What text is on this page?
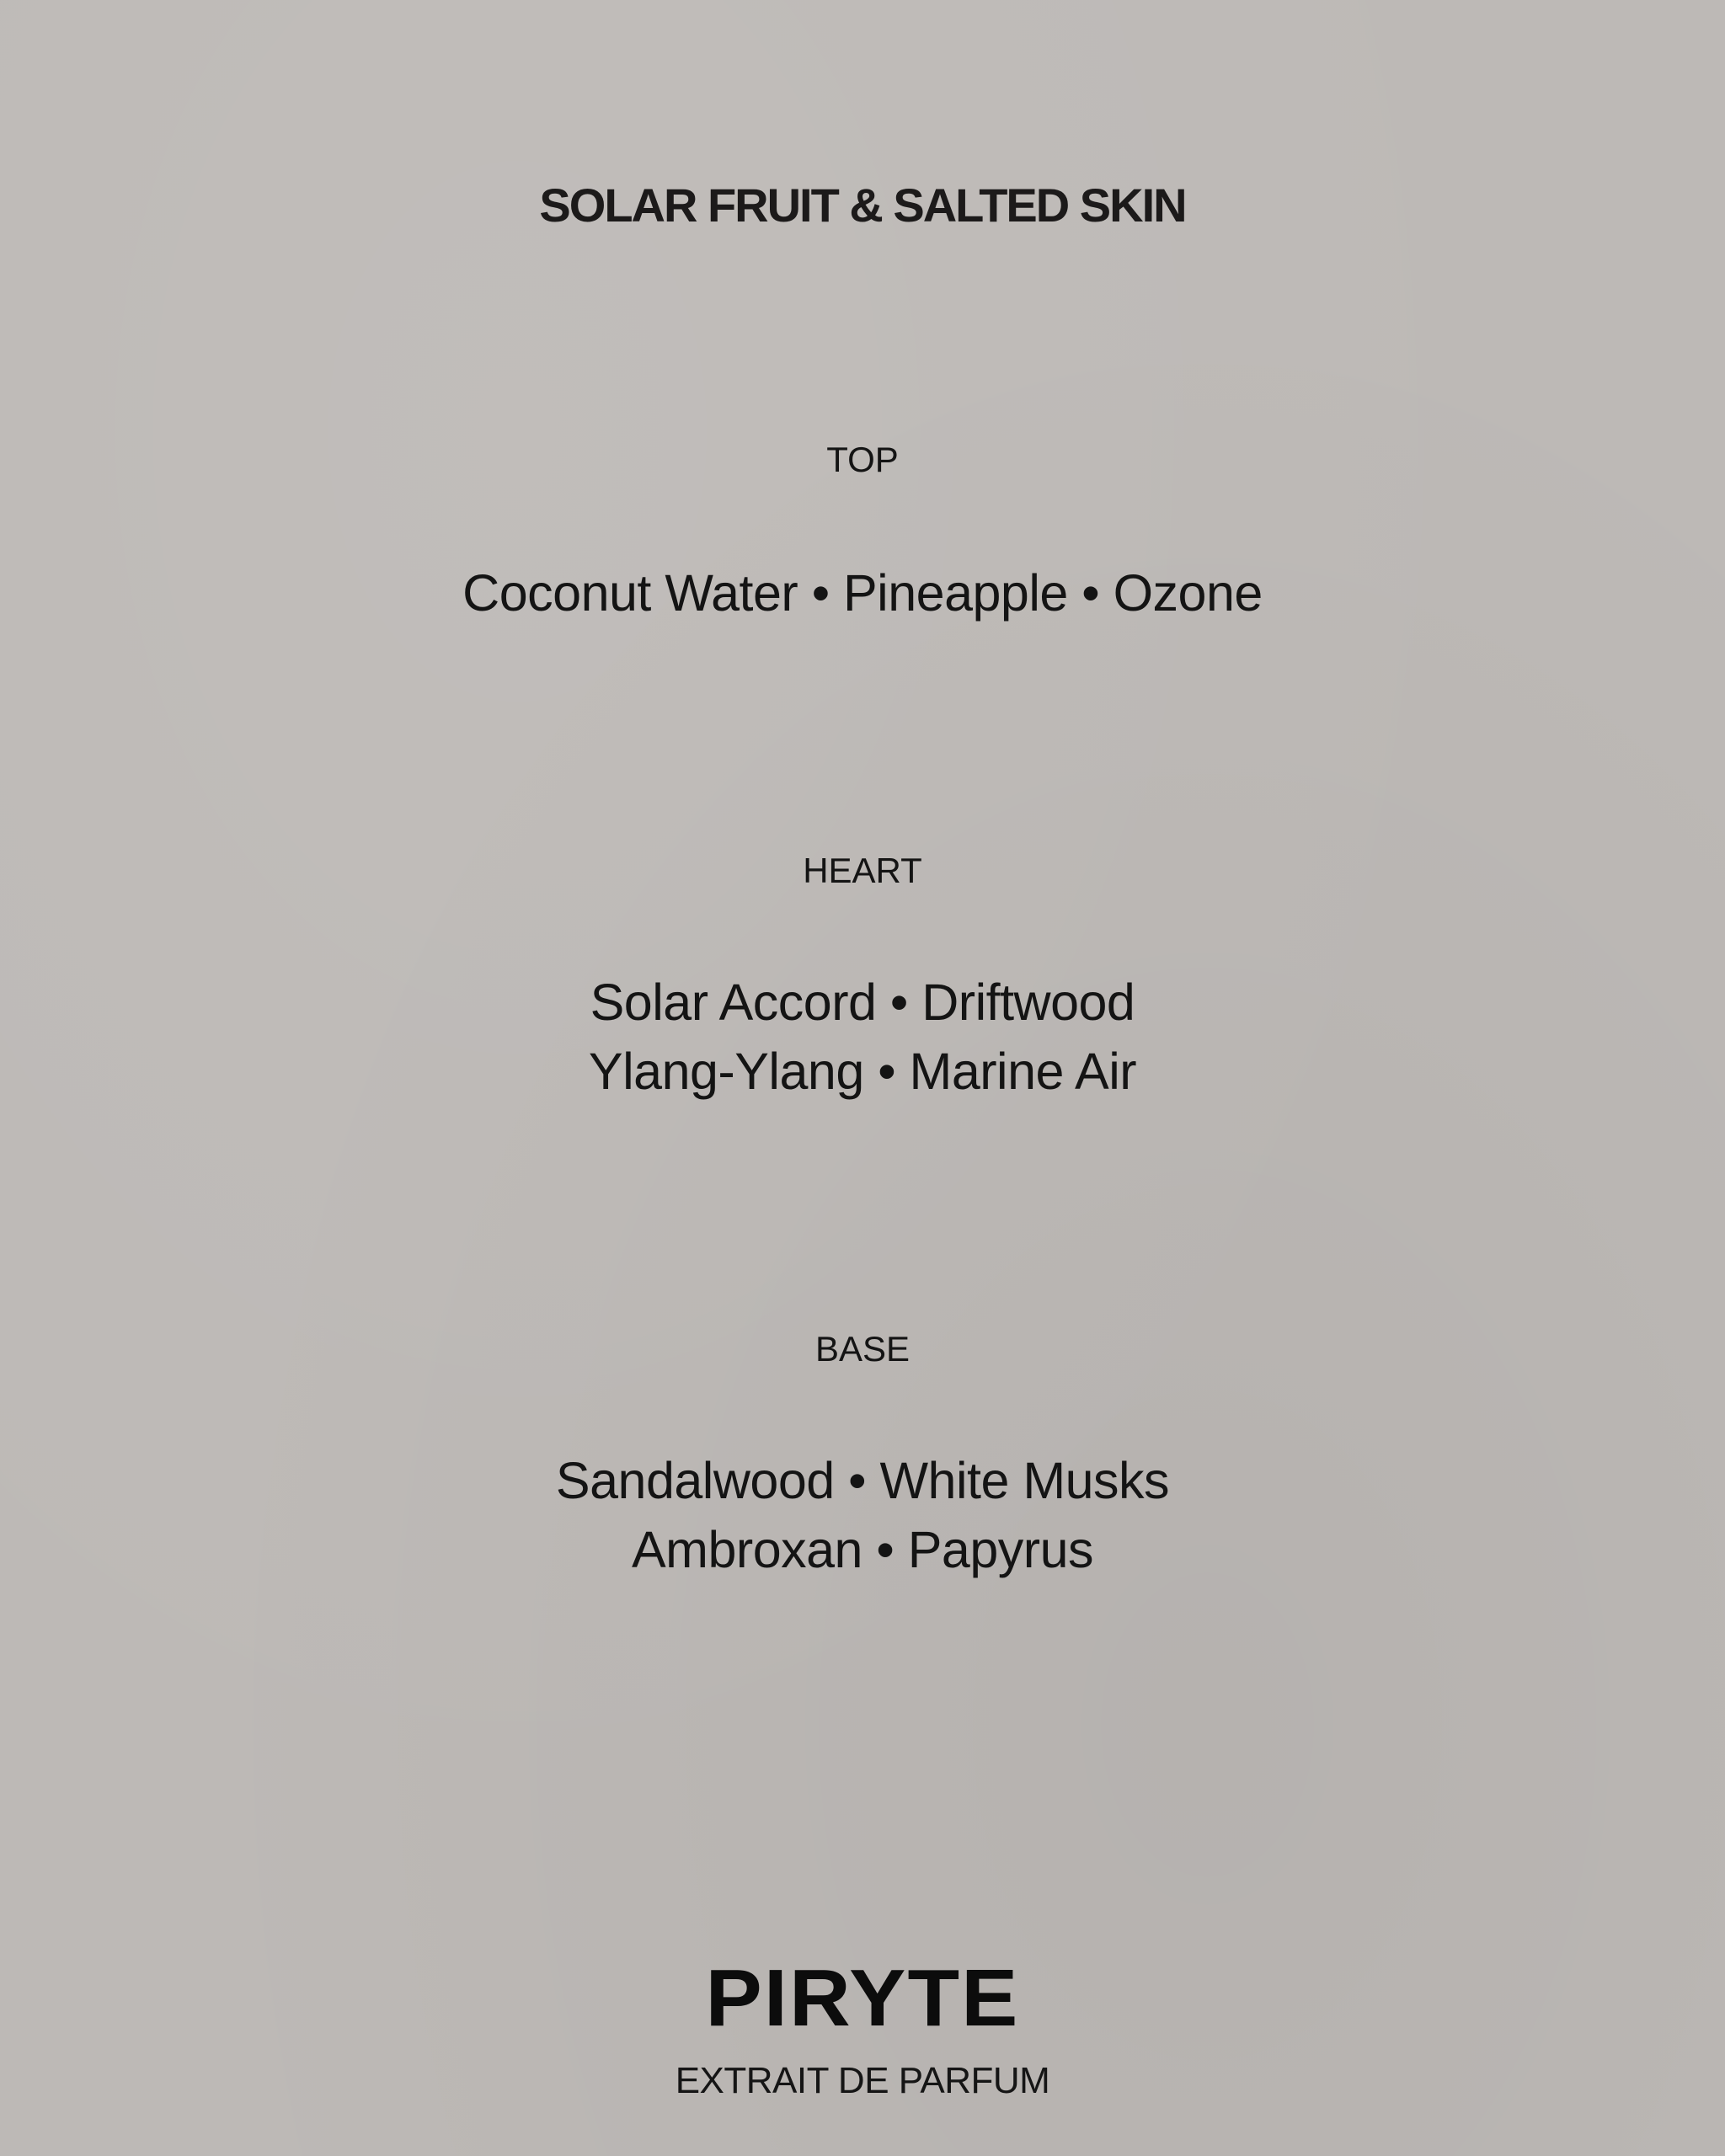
SOLAR FRUIT & SALTED SKIN
TOP
Coconut Water • Pineapple • Ozone
HEART
Solar Accord • Driftwood
Ylang-Ylang • Marine Air
BASE
Sandalwood • White Musks
Ambroxan • Papyrus
PIRYTE
EXTRAIT DE PARFUM
